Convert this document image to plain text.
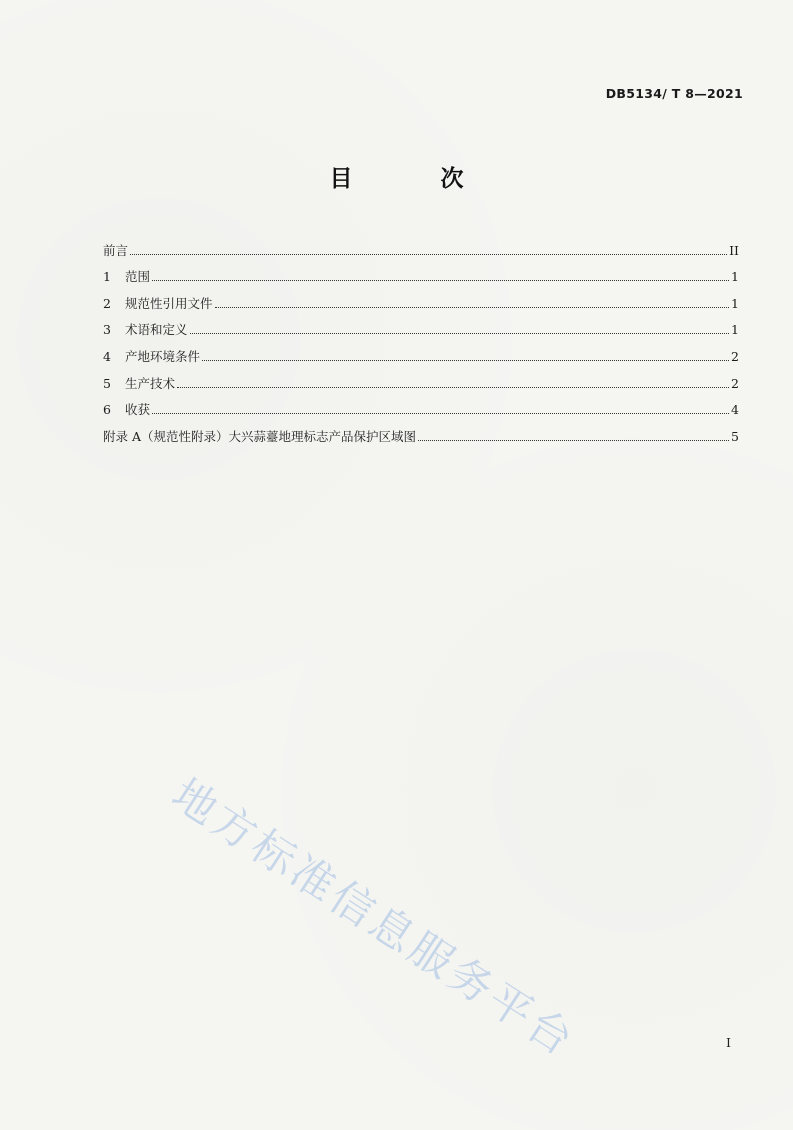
DB5134/ T 8—2021
目 次
前言	II
1 范围	1
2 规范性引用文件	1
3 术语和定义	1
4 产地环境条件	2
5 生产技术	2
6 收获	4
附录 A（规范性附录）大兴蒜薹地理标志产品保护区域图	5
地方标准信息服务平台	I
